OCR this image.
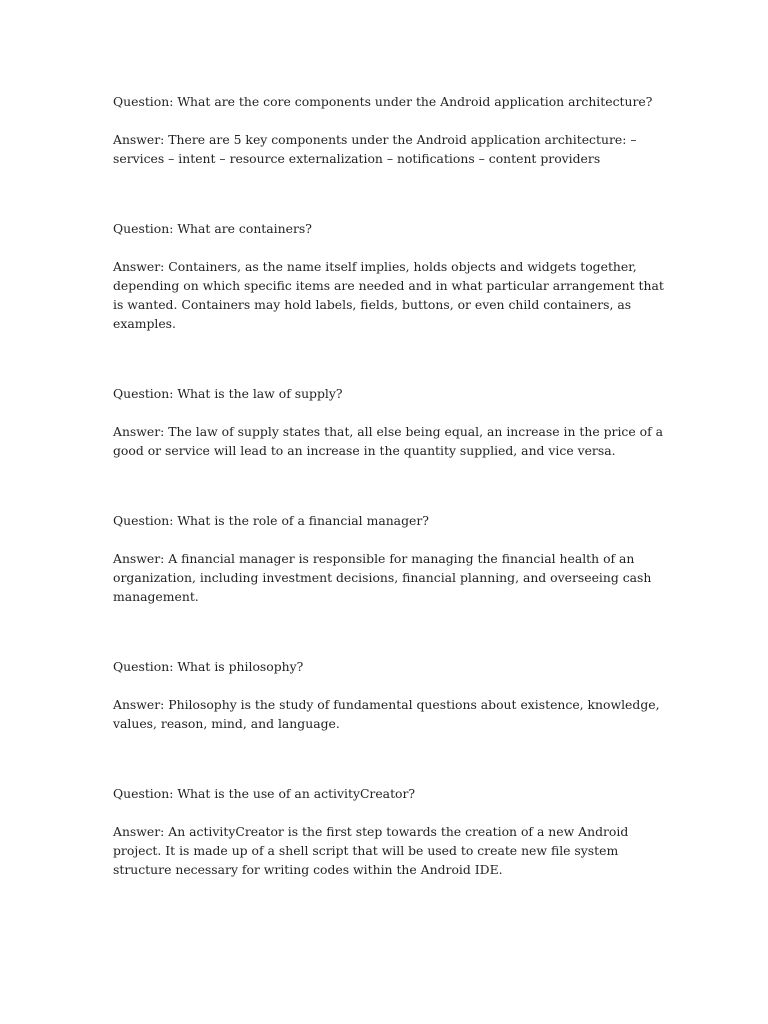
Question: What are the core components under the Android application architecture?

Answer: There are 5 key components under the Android application architecture: – services – intent – resource externalization – notifications – content providers

Question: What are containers?

Answer: Containers, as the name itself implies, holds objects and widgets together, depending on which specific items are needed and in what particular arrangement that is wanted. Containers may hold labels, fields, buttons, or even child containers, as examples.

Question: What is the law of supply?

Answer: The law of supply states that, all else being equal, an increase in the price of a good or service will lead to an increase in the quantity supplied, and vice versa.

Question: What is the role of a financial manager?

Answer: A financial manager is responsible for managing the financial health of an organization, including investment decisions, financial planning, and overseeing cash management.

Question: What is philosophy?

Answer: Philosophy is the study of fundamental questions about existence, knowledge, values, reason, mind, and language.

Question: What is the use of an activityCreator?

Answer: An activityCreator is the first step towards the creation of a new Android project. It is made up of a shell script that will be used to create new file system structure necessary for writing codes within the Android IDE.
